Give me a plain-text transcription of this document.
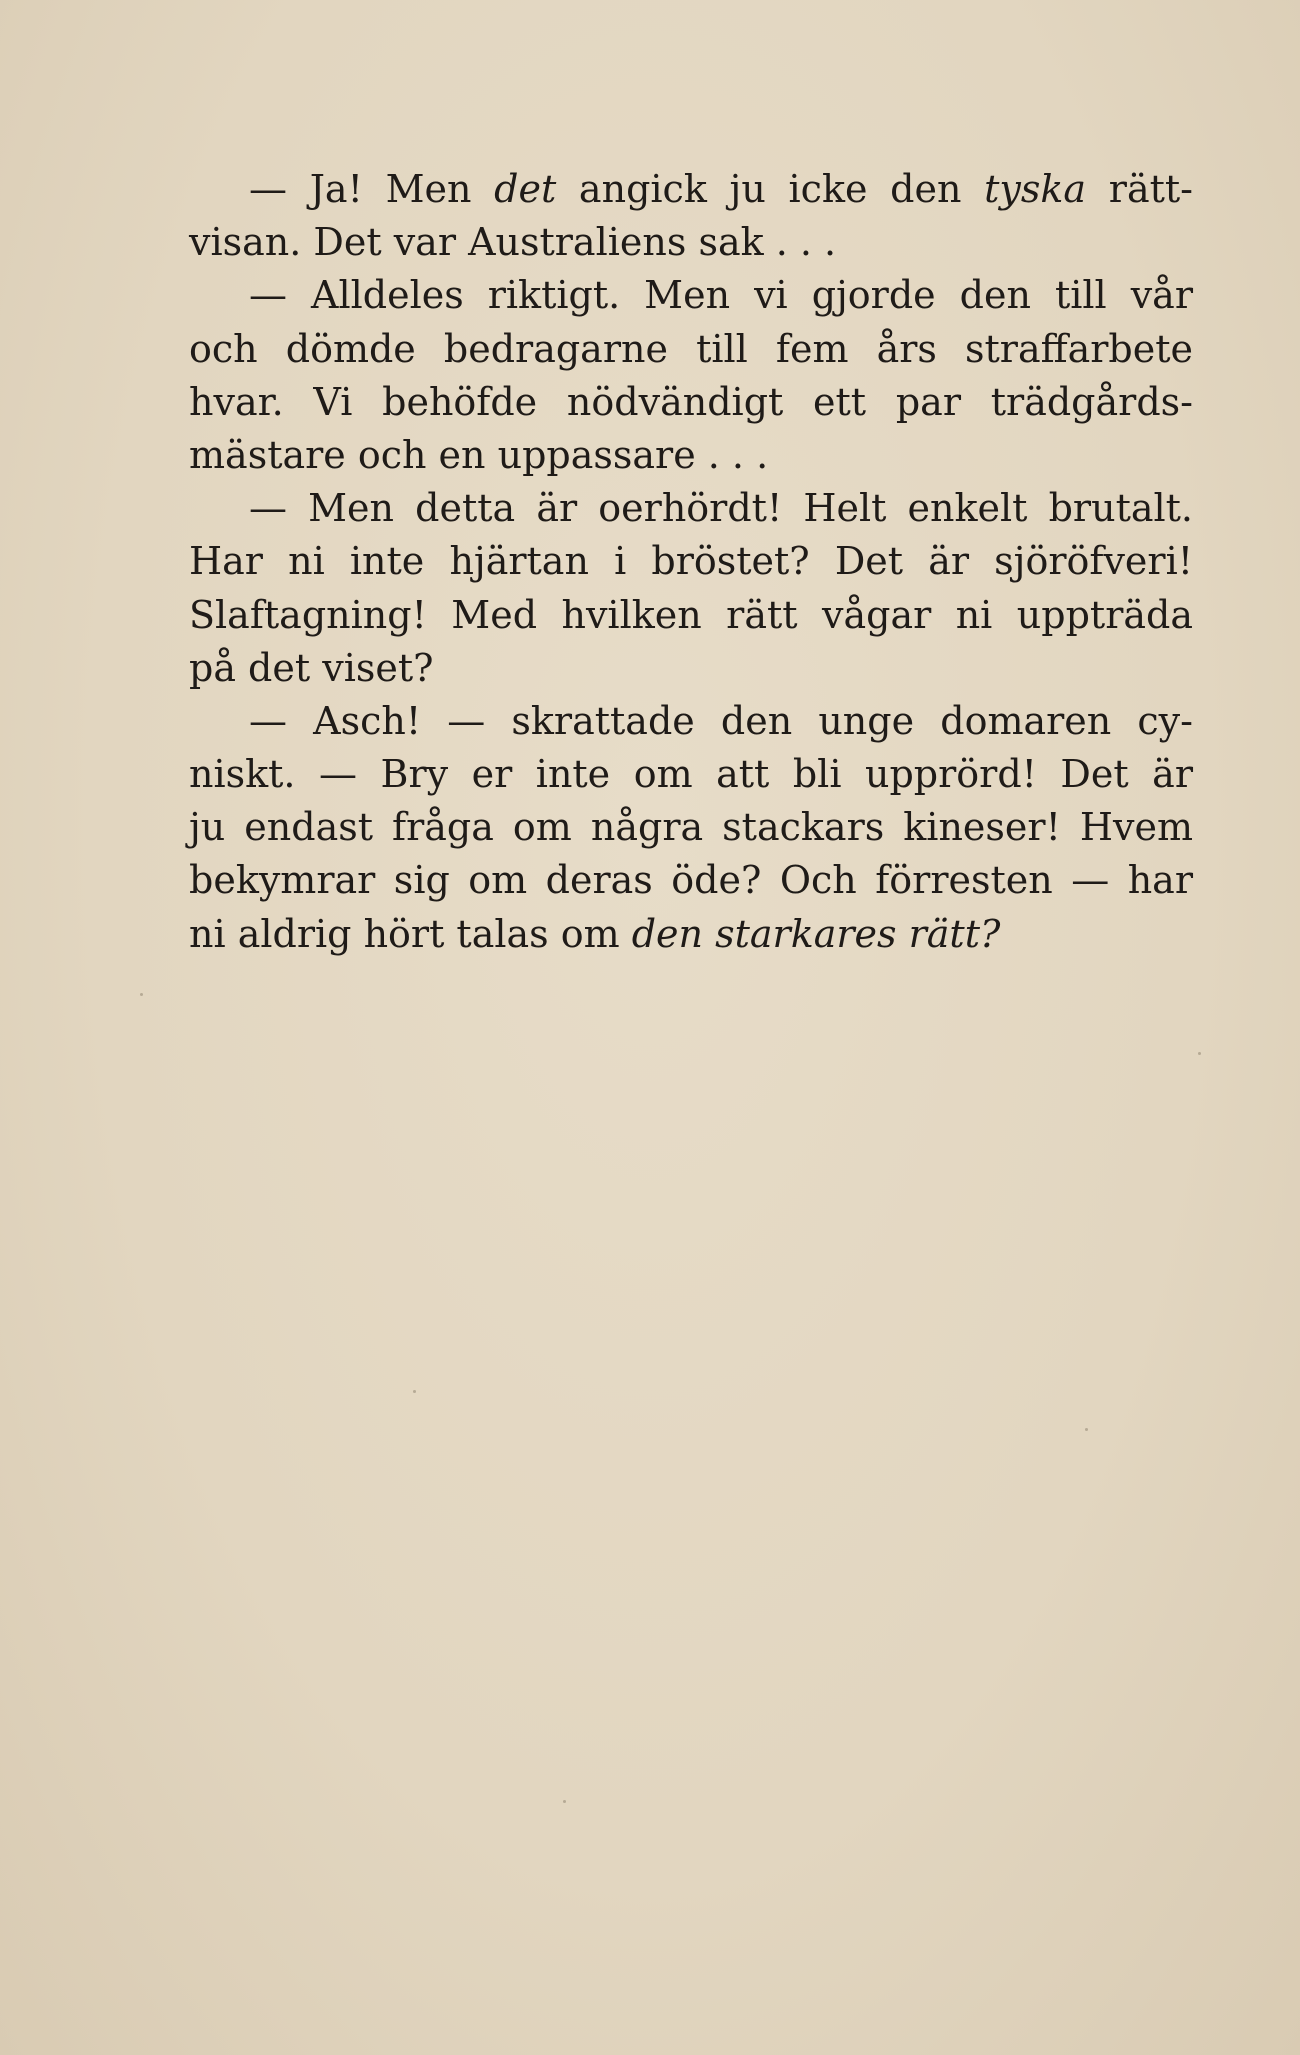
— Ja! Men det angick ju icke den tyska rätt-
visan. Det var Australiens sak . . .
— Alldeles riktigt. Men vi gjorde den till vår
och dömde bedragarne till fem års straffarbete
hvar. Vi behöfde nödvändigt ett par trädgårds-
mästare och en uppassare . . .
— Men detta är oerhördt! Helt enkelt brutalt.
Har ni inte hjärtan i bröstet? Det är sjöröfveri!
Slaftagning! Med hvilken rätt vågar ni uppträda
på det viset?
— Asch! — skrattade den unge domaren cy-
niskt. — Bry er inte om att bli upprörd! Det är
ju endast fråga om några stackars kineser! Hvem
bekymrar sig om deras öde? Och förresten — har
ni aldrig hört talas om den starkares rätt?
